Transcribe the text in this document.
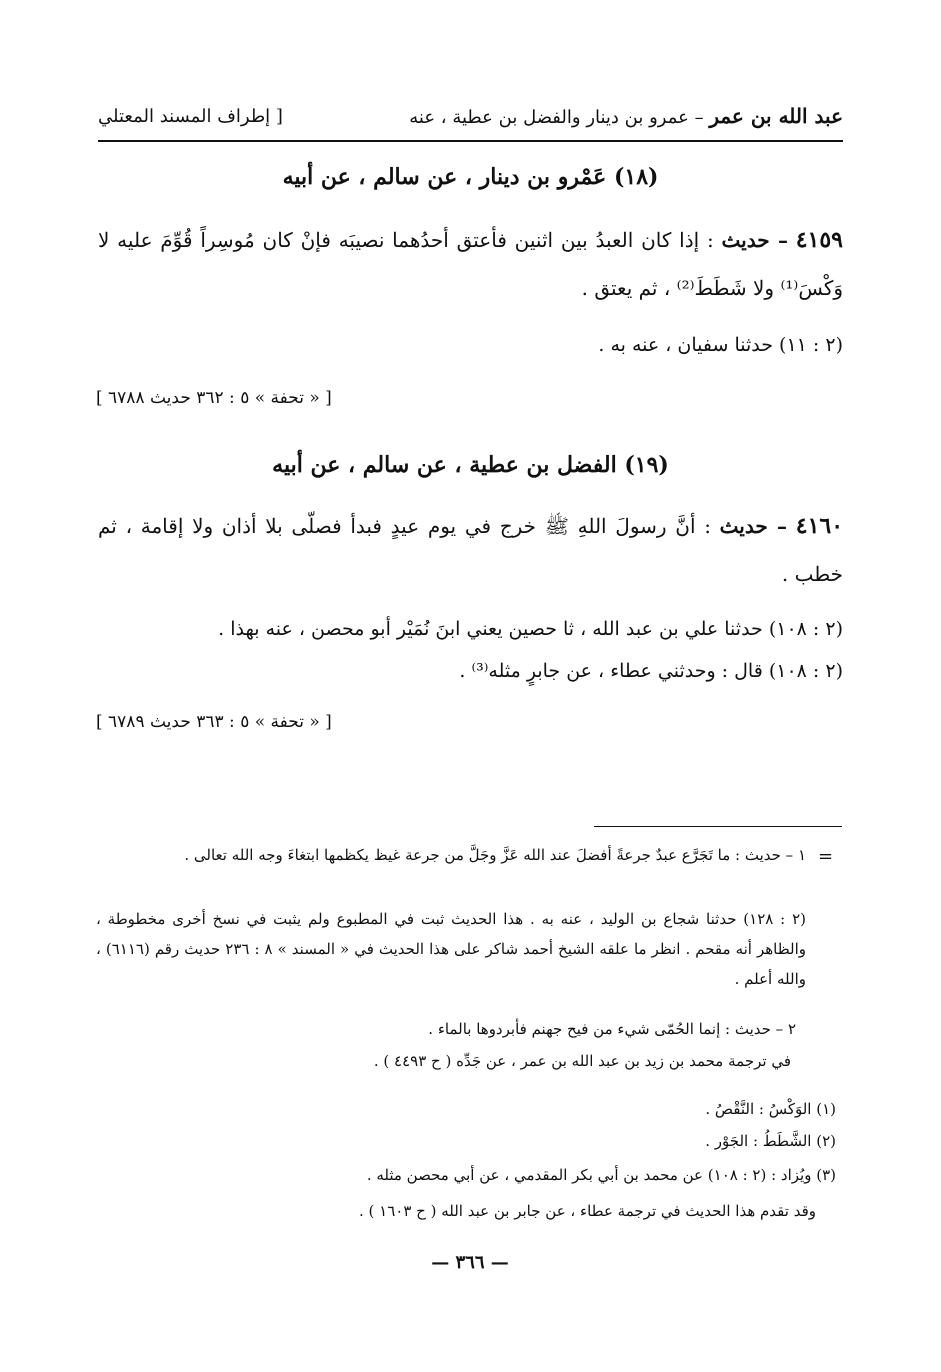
عبد الله بن عمر – عمرو بن دينار والفضل بن عطية ، عنه
[ إطراف المسند المعتلي
(١٨) عَمْرو بن دينار ، عن سالم ، عن أبيه
٤١٥٩ – حديث : إذا كان العبدُ بين اثنين فأعتق أحدُهما نصيبَه فإنْ كان مُوسِراً قُوِّمَ عليه لا وَكْسَ⁽¹⁾ ولا شَطَطَ⁽²⁾ ، ثم يعتق .
(٢ : ١١) حدثنا سفيان ، عنه به .
[ « تحفة » ٥ : ٣٦٢ حديث ٦٧٨٨ ]
(١٩) الفضل بن عطية ، عن سالم ، عن أبيه
٤١٦٠ – حديث : أنَّ رسولَ اللهِ ﷺ خرج في يوم عيدٍ فبدأ فصلّى بلا أذان ولا إقامة ، ثم خطب .
(٢ : ١٠٨) حدثنا علي بن عبد الله ، ثا حصين يعني ابنَ نُمَيْر أبو محصن ، عنه بهذا .
(٢ : ١٠٨) قال : وحدثني عطاء ، عن جابرٍ مثله⁽³⁾ .
[ « تحفة » ٥ : ٣٦٣ حديث ٦٧٨٩ ]
=
١ – حديث : ما تَجَرَّع عبدٌ جرعةً أفضلَ عند الله عَزَّ وجَلَّ من جرعة غيظ يكظمها ابتغاءَ وجه الله تعالى .
(٢ : ١٢٨) حدثنا شجاع بن الوليد ، عنه به . هذا الحديث ثبت في المطبوع ولم يثبت في نسخ أخرى مخطوطة ، والظاهر أنه مقحم . انظر ما علقه الشيخ أحمد شاكر على هذا الحديث في « المسند » ٨ : ٢٣٦ حديث رقم (٦١١٦) ، والله أعلم .
٢ – حديث : إنما الحُمّى شيء من فيح جهنم فأبردوها بالماء .
في ترجمة محمد بن زيد بن عبد الله بن عمر ، عن جَدِّه ( ح ٤٤٩٣ ) .
(١) الوَكْسُ : النَّقْصُ .
(٢) الشَّطَطُ : الجَوْر .
(٣) ويُزاد : (٢ : ١٠٨) عن محمد بن أبي بكر المقدمي ، عن أبي محصن مثله .
وقد تقدم هذا الحديث في ترجمة عطاء ، عن جابر بن عبد الله ( ح ١٦٠٣ ) .
— ٣٦٦ —
